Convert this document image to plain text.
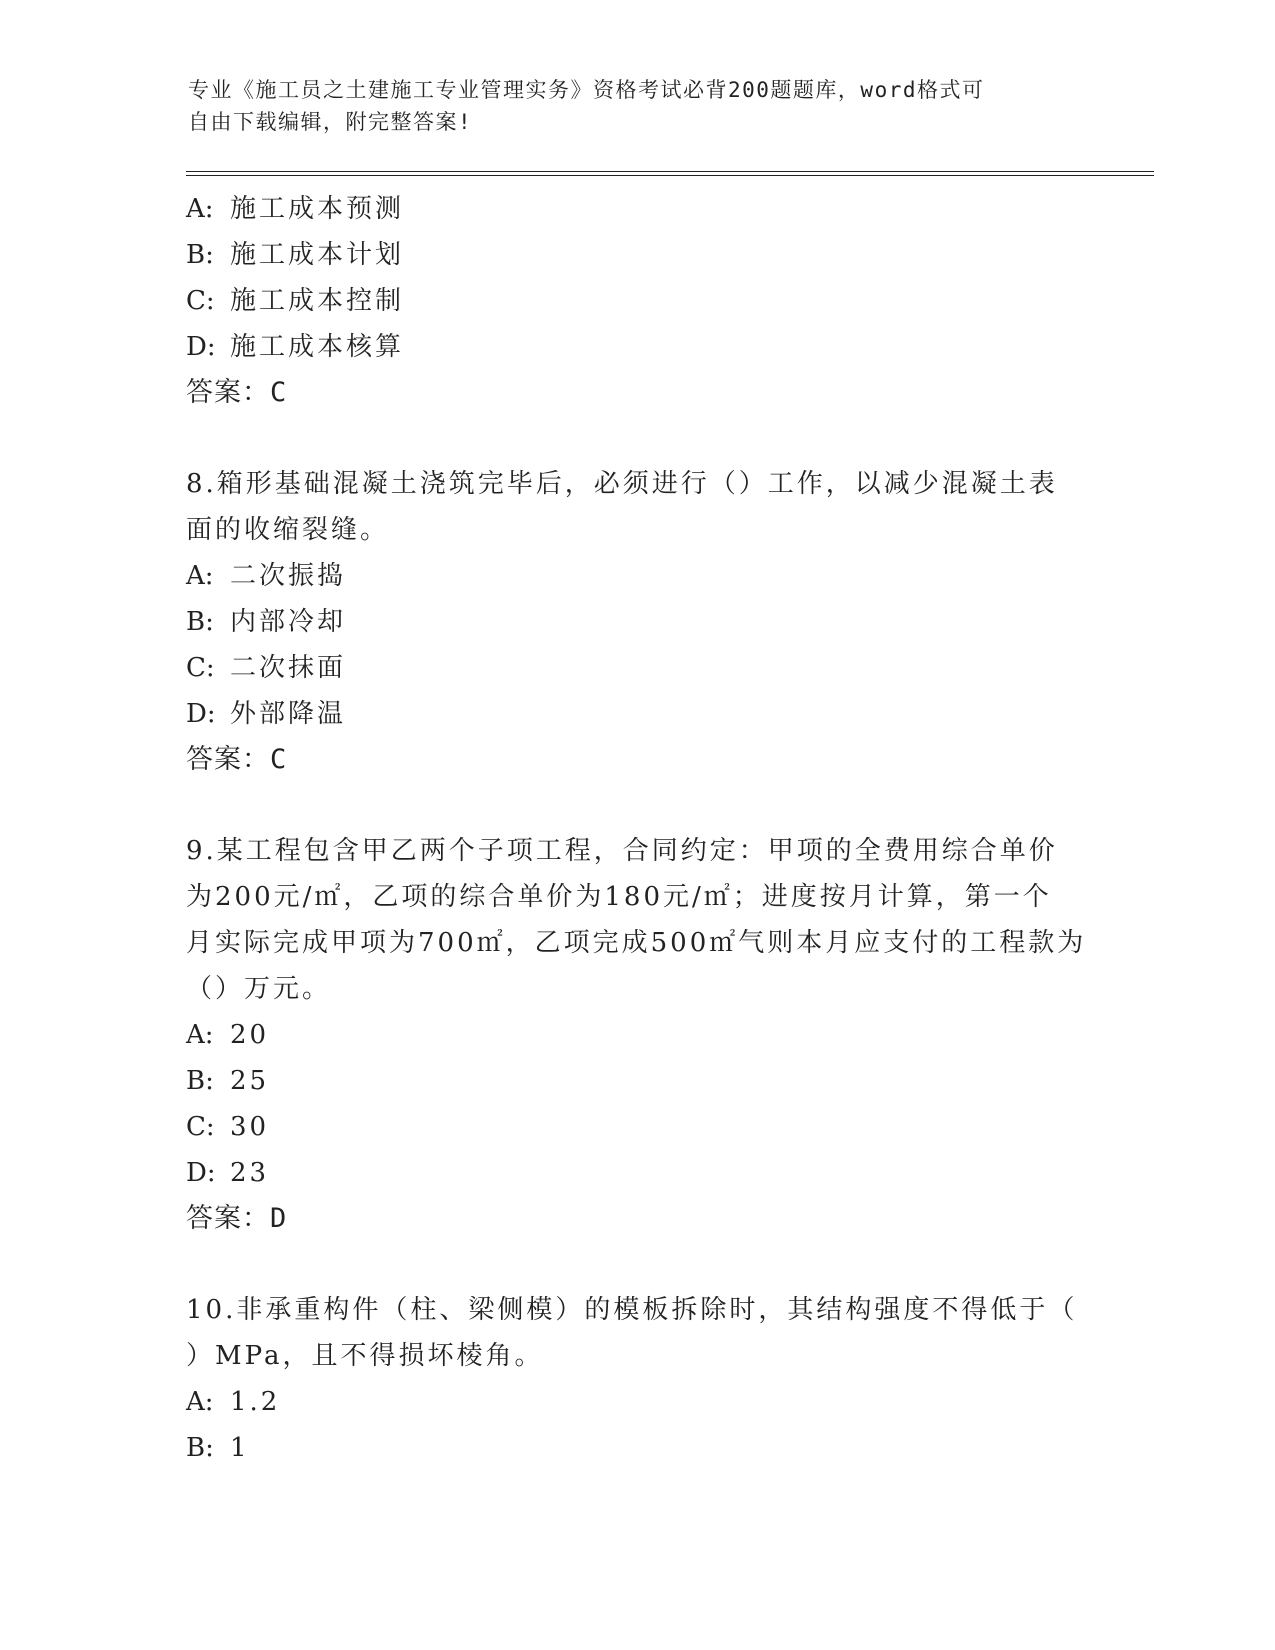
专业《施工员之土建施工专业管理实务》资格考试必背200题题库，word格式可
自由下载编辑，附完整答案!
A: 施工成本预测
B: 施工成本计划
C: 施工成本控制
D: 施工成本核算
答案：C
8.箱形基础混凝土浇筑完毕后，必须进行（）工作，以减少混凝土表
面的收缩裂缝。
A: 二次振捣
B: 内部冷却
C: 二次抹面
D: 外部降温
答案：C
9.某工程包含甲乙两个子项工程，合同约定：甲项的全费用综合单价
为200元/㎡，乙项的综合单价为180元/㎡；进度按月计算，第一个
月实际完成甲项为700㎡，乙项完成500㎡气则本月应支付的工程款为
（）万元。
A: 20
B: 25
C: 30
D: 23
答案：D
10.非承重构件（柱、梁侧模）的模板拆除时，其结构强度不得低于（
）MPa，且不得损坏棱角。
A: 1.2
B: 1
